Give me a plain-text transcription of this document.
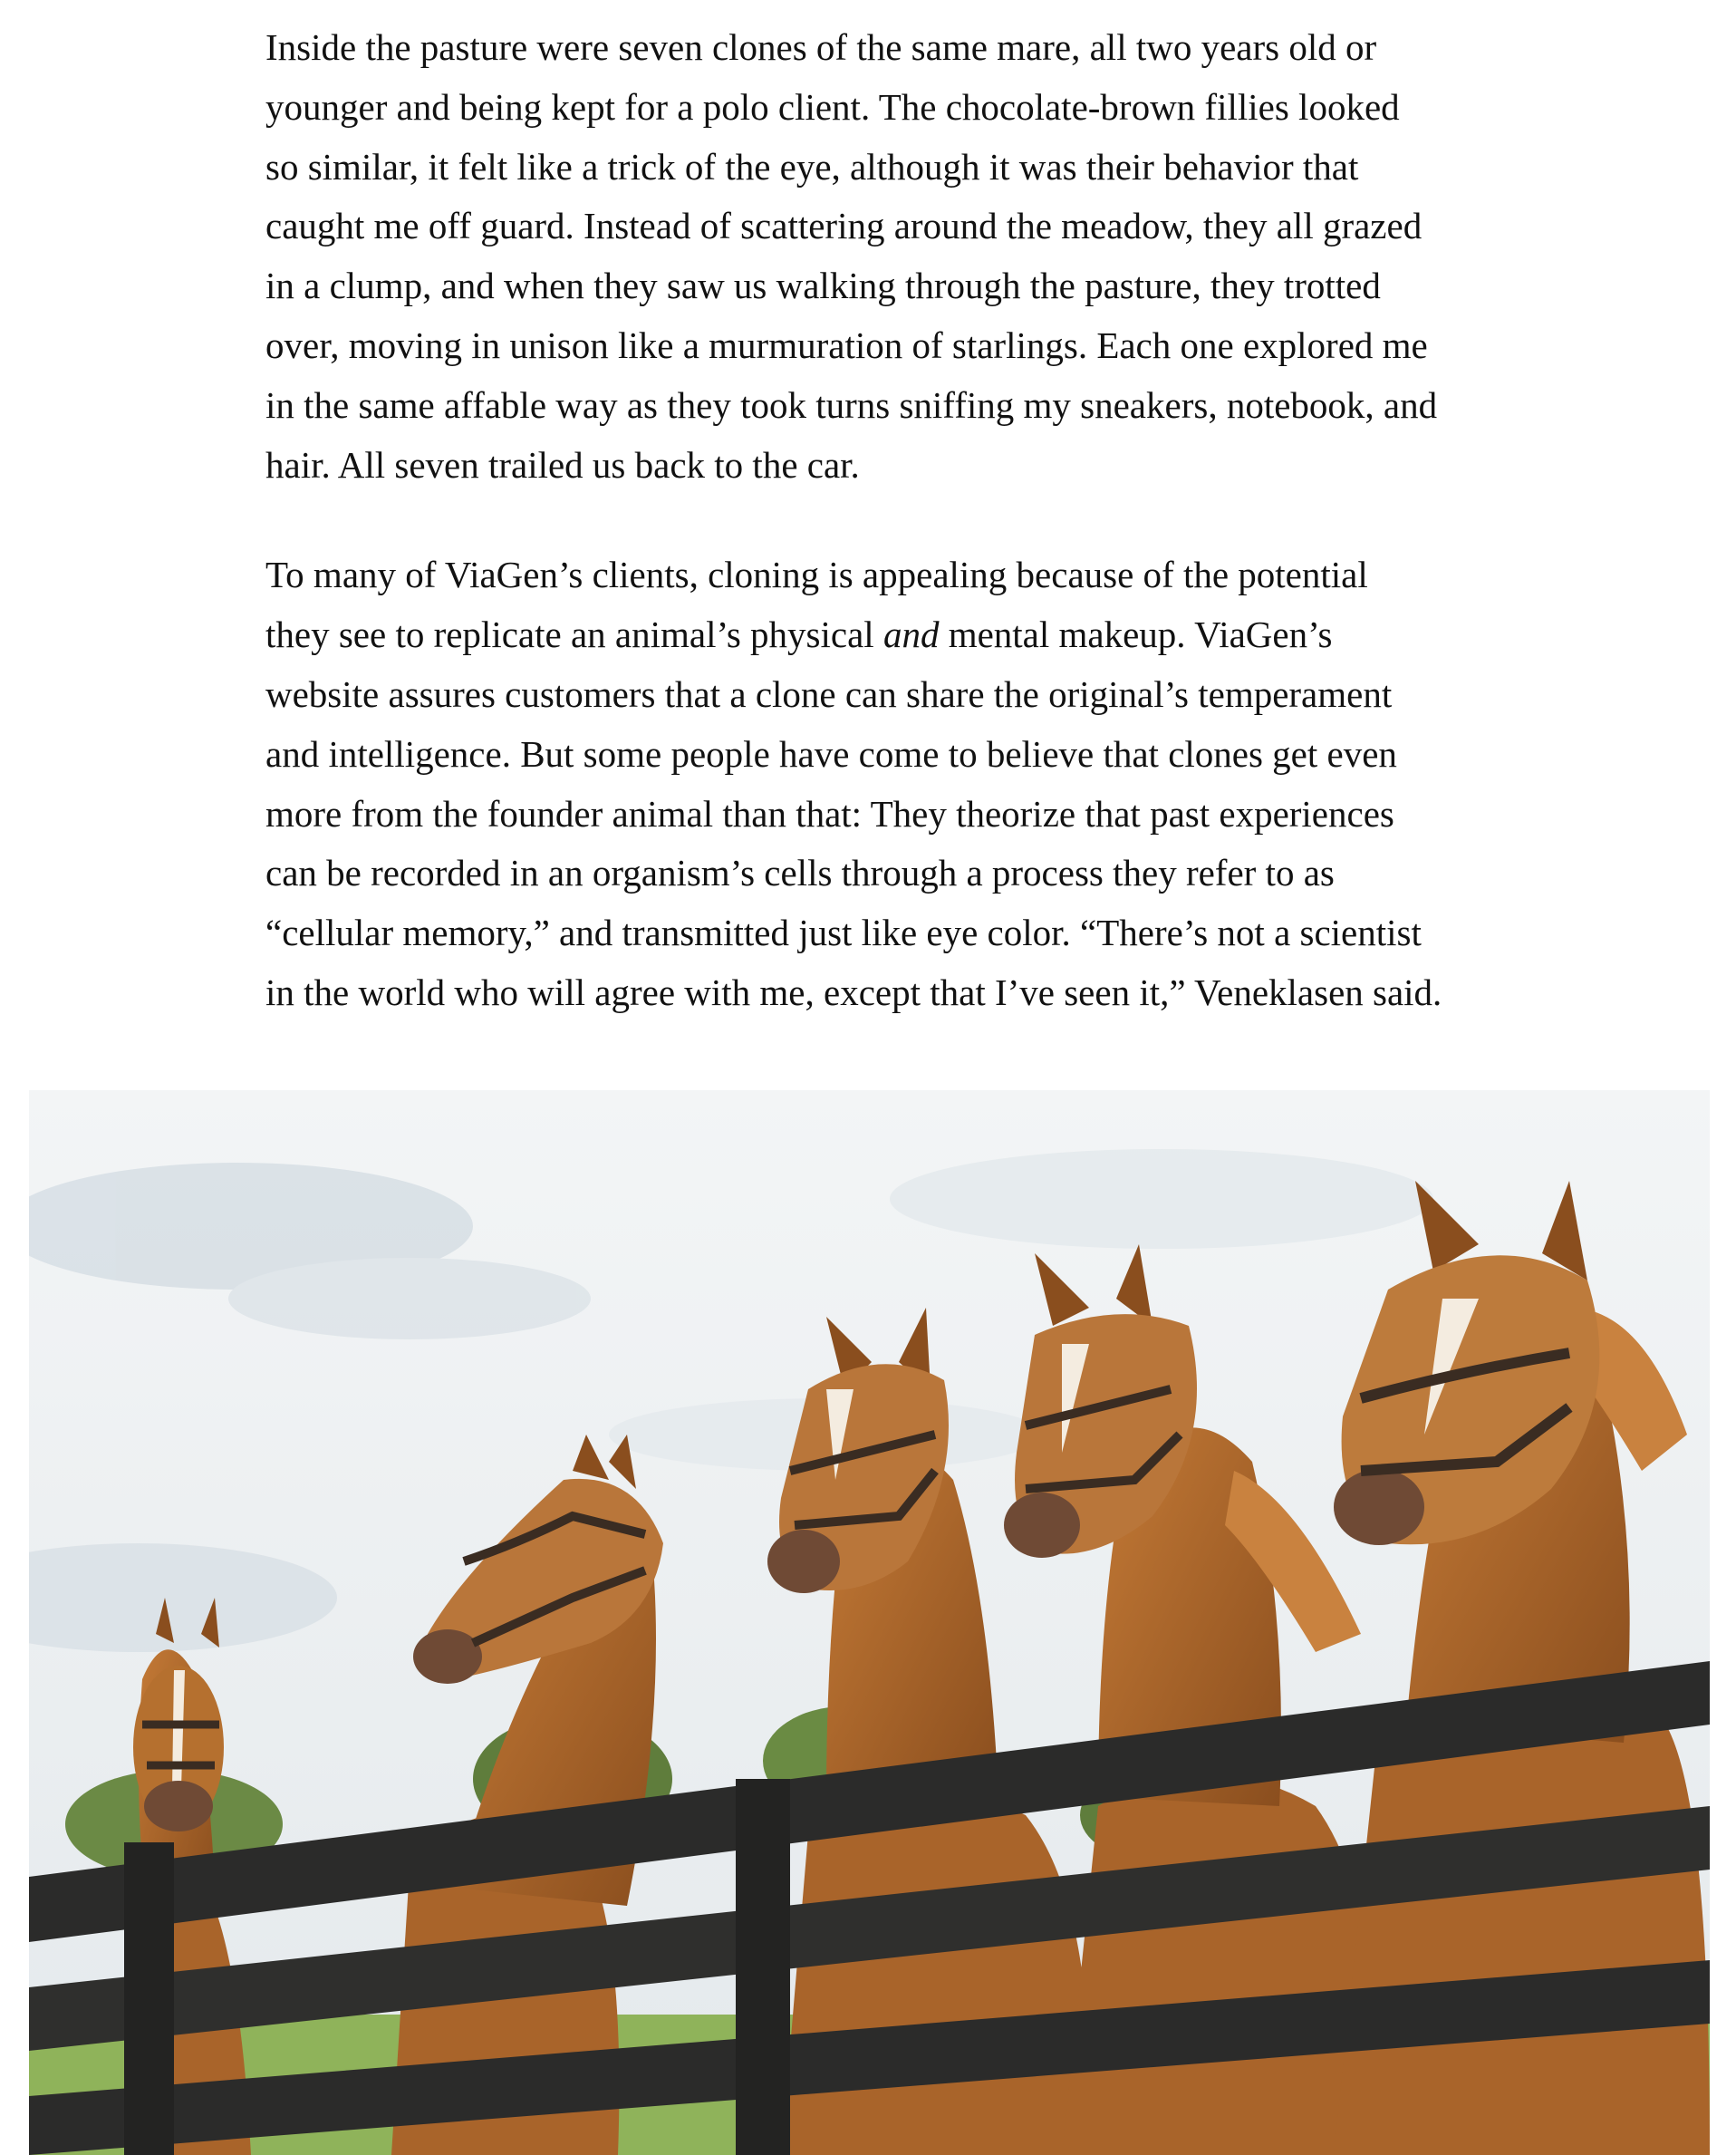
Inside the pasture were seven clones of the same mare, all two years old or
younger and being kept for a polo client. The chocolate-brown fillies looked
so similar, it felt like a trick of the eye, although it was their behavior that
caught me off guard. Instead of scattering around the meadow, they all grazed
in a clump, and when they saw us walking through the pasture, they trotted
over, moving in unison like a murmuration of starlings. Each one explored me
in the same affable way as they took turns sniffing my sneakers, notebook, and
hair. All seven trailed us back to the car.

To many of ViaGen’s clients, cloning is appealing because of the potential
they see to replicate an animal’s physical and mental makeup. ViaGen’s
website assures customers that a clone can share the original’s temperament
and intelligence. But some people have come to believe that clones get even
more from the founder animal than that: They theorize that past experiences
can be recorded in an organism’s cells through a process they refer to as
“cellular memory,” and transmitted just like eye color. “There’s not a scientist
in the world who will agree with me, except that I’ve seen it,” Veneklasen said.
